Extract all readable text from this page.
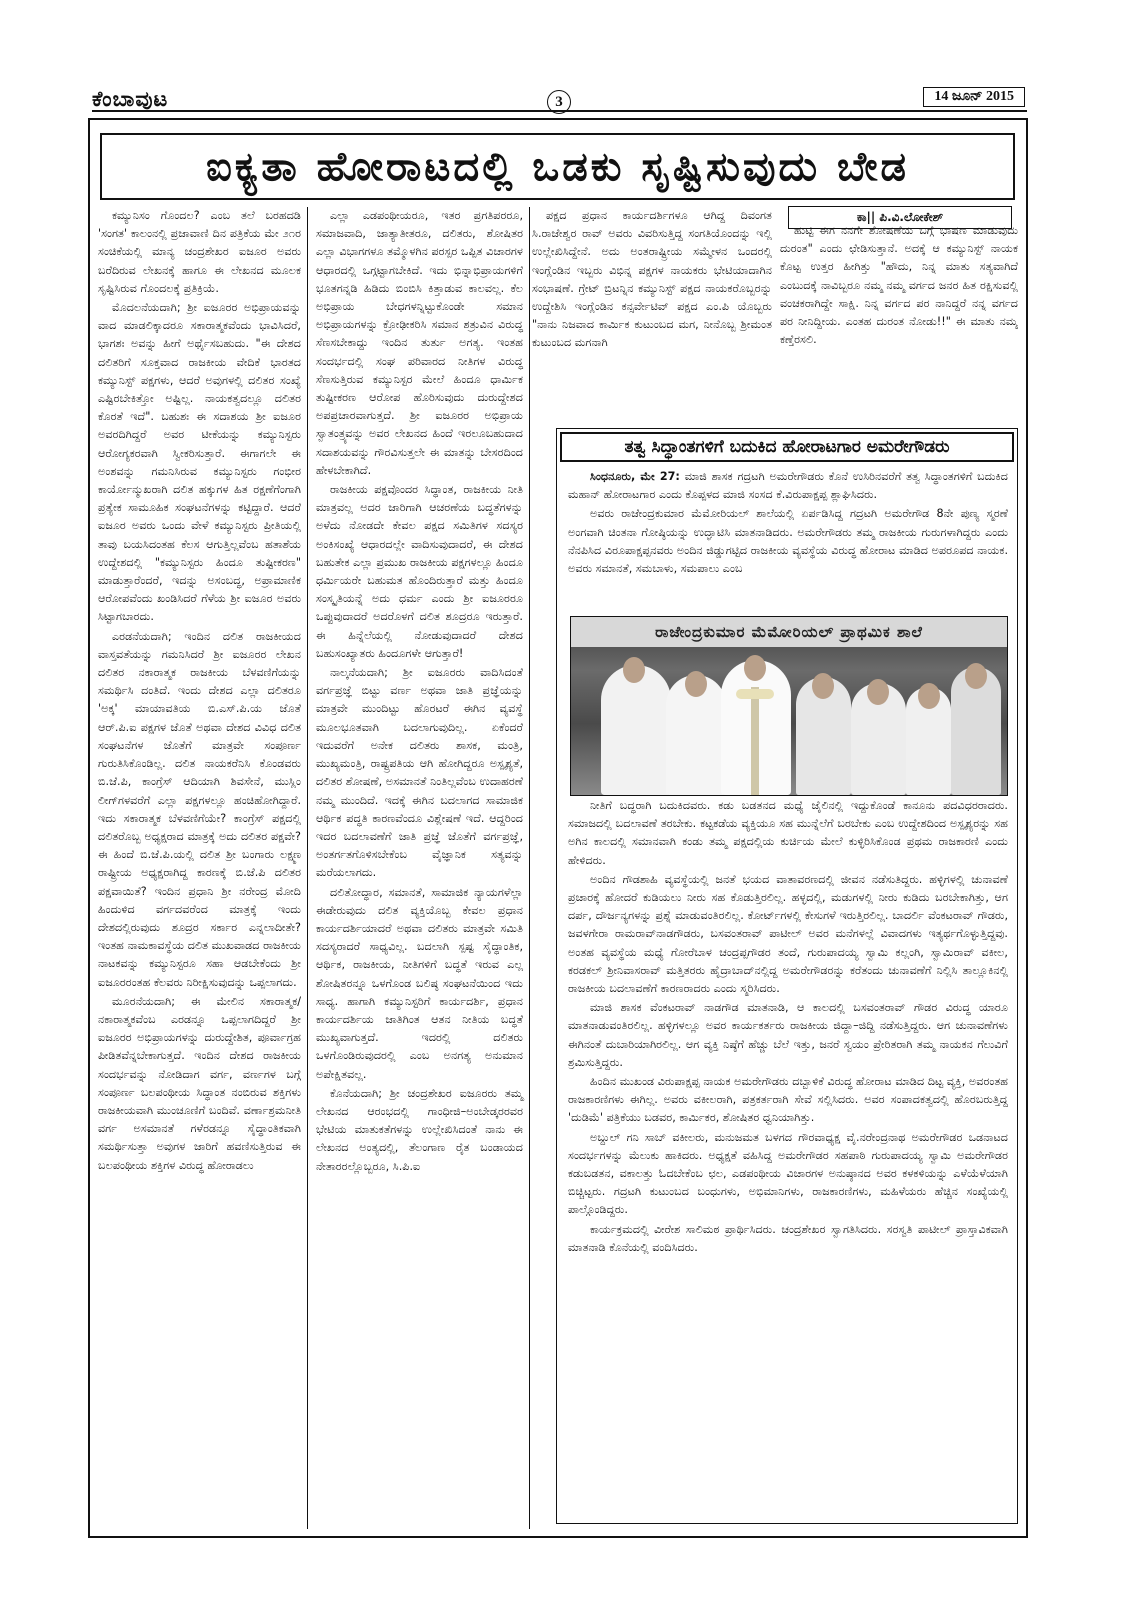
ಕೆಂಬಾವುಟ	3	14 ಜೂನ್ 2015
ಐಕ್ಯತಾ ಹೋರಾಟದಲ್ಲಿ ಒಡಕು ಸೃಷ್ಟಿಸುವುದು ಬೇಡ

ಕಮ್ಯುನಿಸಂ ಗೊಂದಲ? ಎಂಬ ತಲೆ ಬರಹದಡಿ 'ಸಂಗತ' ಕಾಲಂನಲ್ಲಿ ಪ್ರಜಾವಾಣಿ ದಿನ ಪತ್ರಿಕೆಯ ಮೇ ೨೧ರ ಸಂಚಿಕೆಯಲ್ಲಿ ಮಾನ್ಯ ಚಂದ್ರಶೇಖರ ಐಜೂರ ಅವರು ಬರೆದಿರುವ ಲೇಖನಕ್ಕೆ ಹಾಗೂ ಈ ಲೇಖನದ ಮೂಲಕ ಸೃಷ್ಟಿಸಿರುವ ಗೊಂದಲಕ್ಕೆ ಪ್ರತಿಕ್ರಿಯೆ.

ಮೊದಲನೆಯದಾಗಿ; ಶ್ರೀ ಐಜೂರರ ಅಭಿಪ್ರಾಯವನ್ನು ವಾದ ಮಾಡಲಿಕ್ಕಾದರೂ ಸಕಾರಾತ್ಮಕವೆಂದು ಭಾವಿಸಿದರೆ, ಭಾಗಶಃ ಅವನ್ನು ಹೀಗೆ ಅರ್ಥೈಸಬಹುದು. "ಈ ದೇಶದ ದಲಿತರಿಗೆ ಸೂಕ್ತವಾದ ರಾಜಕೀಯ ವೇದಿಕೆ ಭಾರತದ ಕಮ್ಯುನಿಸ್ಟ್ ಪಕ್ಷಗಳು, ಆದರೆ ಅವುಗಳಲ್ಲಿ ದಲಿತರ ಸಂಖ್ಯೆ ಎಷ್ಟಿರಬೇಕಿತ್ತೋ ಅಷ್ಟಿಲ್ಲ. ನಾಯಕತ್ವದಲ್ಲೂ ದಲಿತರ ಕೊರತೆ ಇದೆ". ಬಹುಶಃ ಈ ಸದಾಶಯ ಶ್ರೀ ಐಜೂರ ಅವರದಿಗಿದ್ದರೆ ಅವರ ಟೀಕೆಯನ್ನು ಕಮ್ಯುನಿಸ್ಟರು ಆರೋಗ್ಯಕರವಾಗಿ ಸ್ವೀಕರಿಸುತ್ತಾರೆ. ಈಗಾಗಲೇ ಈ ಅಂಶವನ್ನು ಗಮನಿಸಿರುವ ಕಮ್ಯುನಿಸ್ಟರು ಗಂಭೀರ ಕಾರ್ಯೋನ್ಮುಖರಾಗಿ ದಲಿತ ಹಕ್ಕುಗಳ ಹಿತ ರಕ್ಷಣೆಗೆಂಗಾಗಿ ಪ್ರತ್ಯೇಕ ಸಾಮೂಹಿಕ ಸಂಘಟನೆಗಳನ್ನು ಕಟ್ಟಿದ್ದಾರೆ. ಆದರೆ ಐಜೂರ ಅವರು ಒಂದು ವೇಳೆ ಕಮ್ಯುನಿಸ್ಟರು ಪ್ರೀತಿಯಲ್ಲಿ ತಾವು ಬಯಸಿದಂತಹ ಕೆಲಸ ಆಗುತ್ತಿಲ್ಲವೆಂಬ ಹತಾಶೆಯ ಉದ್ದೇಶದಲ್ಲಿ "ಕಮ್ಯುನಿಸ್ಟರು ಹಿಂದೂ ತುಷ್ಟೀಕರಣ" ಮಾಡುತ್ತಾರೆಂದರೆ, ಇದನ್ನು ಅಸಂಬದ್ಧ, ಅಪ್ರಾಮಾಣಿಕ ಆರೋಪವೆಂದು ಖಂಡಿಸಿದರೆ ಗೆಳೆಯ ಶ್ರೀ ಐಜೂರ ಅವರು ಸಿಟ್ಟಾಗಬಾರದು.

ಎರಡನೆಯದಾಗಿ; ಇಂದಿನ ದಲಿತ ರಾಜಕೀಯದ ವಾಸ್ತವತೆಯನ್ನು ಗಮನಿಸಿದರೆ ಶ್ರೀ ಐಜೂರರ ಲೇಖನ ದಲಿತರ ನಕಾರಾತ್ಮಕ ರಾಜಕೀಯ ಬೆಳವಣಿಗೆಯನ್ನು ಸಮರ್ಥಿಸಿ ದಂತಿದೆ. ಇಂದು ದೇಶದ ಎಲ್ಲಾ ದಲಿತರೂ 'ಅಕ್ಕ' ಮಾಯಾವತಿಯ ಬಿ.ಎಸ್.ಪಿ.ಯ ಜೊತೆ ಆರ್.ಪಿ.ಐ ಪಕ್ಷಗಳ ಜೊತೆ ಅಥವಾ ದೇಶದ ವಿವಿಧ ದಲಿತ ಸಂಘಟನೆಗಳ ಜೊತೆಗೆ ಮಾತ್ರವೇ ಸಂಪೂರ್ಣ ಗುರುತಿಸಿಕೊಂಡಿಲ್ಲ. ದಲಿತ ನಾಯಕರೆನಿಸಿ ಕೊಂಡವರು ಬಿ.ಜೆ.ಪಿ, ಕಾಂಗ್ರೆಸ್ ಆದಿಯಾಗಿ ಶಿವಸೇನೆ, ಮುಸ್ಲಿಂ ಲೀಗ್‌ಗಳವರೆಗೆ ಎಲ್ಲಾ ಪಕ್ಷಗಳಲ್ಲೂ ಹಂಚಿಹೋಗಿದ್ದಾರೆ. ಇದು ಸಕಾರಾತ್ಮಕ ಬೆಳವಣಿಗೆಯೇ? ಕಾಂಗ್ರೆಸ್ ಪಕ್ಷದಲ್ಲಿ ದಲಿತರೊಬ್ಬ ಅಧ್ಯಕ್ಷರಾದ ಮಾತ್ರಕ್ಕೆ ಅದು ದಲಿತರ ಪಕ್ಷವೇ? ಈ ಹಿಂದೆ ಬಿ.ಜೆ.ಪಿ.ಯಲ್ಲಿ ದಲಿತ ಶ್ರೀ ಬಂಗಾರು ಲಕ್ಷ್ಮಣ ರಾಷ್ಟ್ರೀಯ ಅಧ್ಯಕ್ಷರಾಗಿದ್ದ ಕಾರಣಕ್ಕೆ ಬಿ.ಜೆ.ಪಿ ದಲಿತರ ಪಕ್ಷವಾಯಿತೆ? ಇಂದಿನ ಪ್ರಧಾನಿ ಶ್ರೀ ನರೇಂದ್ರ ಮೋದಿ ಹಿಂದುಳಿದ ವರ್ಗದವರೆಂದ ಮಾತ್ರಕ್ಕೆ ಇಂದು ದೇಶದಲ್ಲಿರುವುದು ಶೂದ್ರರ ಸರ್ಕಾರ ಎನ್ನಲಾದೀತೇ? ಇಂತಹ ನಾಮಕಾವಸ್ಥೆಯ ದಲಿತ ಮುಖವಾಡದ ರಾಜಕೀಯ ನಾಟಕವನ್ನು ಕಮ್ಯುನಿಸ್ಟರೂ ಸಹಾ ಆಡಬೇಕೆಂದು ಶ್ರೀ ಐಜೂರರಂತಹ ಕೆಲವರು ನಿರೀಕ್ಷಿಸುವುದನ್ನು ಒಪ್ಪಲಾಗದು.

ಮೂರನೆಯದಾಗಿ; ಈ ಮೇಲಿನ ಸಕಾರಾತ್ಮಕ/ನಕಾರಾತ್ಮಕವೆಂಬ ಎರಡನ್ನೂ ಒಪ್ಪಲಾಗದಿದ್ದರೆ ಶ್ರೀ ಐಜೂರರ ಅಭಿಪ್ರಾಯಗಳನ್ನು ದುರುದ್ದೇಶಿತ, ಪೂರ್ವಾಗ್ರಹ ಪೀಡಿತವೆನ್ನಬೇಕಾಗುತ್ತದೆ. ಇಂದಿನ ದೇಶದ ರಾಜಕೀಯ ಸಂದರ್ಭವನ್ನು ನೋಡಿದಾಗ ವರ್ಗ, ವರ್ಣಗಳ ಬಗ್ಗೆ ಸಂಪೂರ್ಣ ಬಲಪಂಥೀಯ ಸಿದ್ಧಾಂತ ನಂಬಿರುವ ಶಕ್ತಿಗಳು ರಾಜಕೀಯವಾಗಿ ಮುಂಚೂಣಿಗೆ ಬಂದಿವೆ. ವರ್ಣಾಶ್ರಮನೀತಿ ವರ್ಗ ಅಸಮಾನತೆ ಗಳೆರಡನ್ನೂ ಸೈದ್ಧಾಂತಿಕವಾಗಿ ಸಮರ್ಥಿಸುತ್ತಾ ಅವುಗಳ ಜಾರಿಗೆ ಹವಣಿಸುತ್ತಿರುವ ಈ ಬಲಪಂಥೀಯ ಶಕ್ತಿಗಳ ವಿರುದ್ಧ ಹೋರಾಡಲು

ಎಲ್ಲಾ ಎಡಪಂಥೀಯರೂ, ಇತರ ಪ್ರಗತಿಪರರೂ, ಸಮಾಜವಾದಿ, ಜಾತ್ಯಾತೀತರೂ, ದಲಿತರು, ಶೋಷಿತರ ಎಲ್ಲಾ ವಿಭಾಗಗಳೂ ತಮ್ಮೊಳಗಿನ ಪರಸ್ಪರ ಒಪ್ಪಿತ ವಿಚಾರಗಳ ಆಧಾರದಲ್ಲಿ ಒಗ್ಗಟ್ಟಾಗಬೇಕಿದೆ. ಇದು ಭಿನ್ನಾಭಿಪ್ರಾಯಗಳಿಗೆ ಭೂತಗನ್ನಡಿ ಹಿಡಿದು ಬಿಂಬಿಸಿ ಕಿತ್ತಾಡುವ ಕಾಲವಲ್ಲ. ಕೆಲ ಅಭಿಪ್ರಾಯ ಬೇಧಗಳನ್ನಿಟ್ಟುಕೊಂಡೇ ಸಮಾನ ಅಭಿಪ್ರಾಯಗಳನ್ನು ಕ್ರೋಢೀಕರಿಸಿ ಸಮಾನ ಶತ್ರುವಿನ ವಿರುದ್ಧ ಸೆಣಸಬೇಕಾದ್ದು ಇಂದಿನ ತುರ್ತು ಅಗತ್ಯ. ಇಂತಹ ಸಂದರ್ಭದಲ್ಲಿ ಸಂಘ ಪರಿವಾರದ ನೀತಿಗಳ ವಿರುದ್ಧ ಸೆಣಸುತ್ತಿರುವ ಕಮ್ಯುನಿಸ್ಟರ ಮೇಲೆ ಹಿಂದೂ ಧಾರ್ಮಿಕ ತುಷ್ಟೀಕರಣ ಆರೋಪ ಹೊರಿಸುವುದು ದುರುದ್ದೇಶದ ಅಪಪ್ರಚಾರವಾಗುತ್ತದೆ. ಶ್ರೀ ಐಜೂರರ ಅಭಿಪ್ರಾಯ ಸ್ವಾತಂತ್ರ್ಯವನ್ನು ಅವರ ಲೇಖನದ ಹಿಂದೆ ಇರಲೂಬಹುದಾದ ಸದಾಶಯವನ್ನು ಗೌರವಿಸುತ್ತಲೇ ಈ ಮಾತನ್ನು ಬೇಸರದಿಂದ ಹೇಳಬೇಕಾಗಿದೆ.

ರಾಜಕೀಯ ಪಕ್ಷವೊಂದರ ಸಿದ್ಧಾಂತ, ರಾಜಕೀಯ ನೀತಿ ಮಾತ್ರವಲ್ಲ ಅದರ ಜಾರಿಗಾಗಿ ಆಚರಣೆಯ ಬದ್ಧತೆಗಳನ್ನು ಅಳೆದು ನೋಡದೇ ಕೇವಲ ಪಕ್ಷದ ಸಮಿತಿಗಳ ಸದಸ್ಯರ ಅಂಕಿಸಂಖ್ಯೆ ಆಧಾರದಲ್ಲೇ ವಾದಿಸುವುದಾದರೆ, ಈ ದೇಶದ ಬಹುತೇಕ ಎಲ್ಲಾ ಪ್ರಮುಖ ರಾಜಕೀಯ ಪಕ್ಷಗಳಲ್ಲೂ ಹಿಂದೂ ಧರ್ಮಿಯರೇ ಬಹುಮತ ಹೊಂದಿರುತ್ತಾರೆ ಮತ್ತು ಹಿಂದೂ ಸಂಸ್ಕೃತಿಯನ್ನೆ ಅದು ಧರ್ಮ ಎಂದು ಶ್ರೀ ಐಜೂರರೂ ಒಪ್ಪುವುದಾದರೆ ಅದರೊಳಗೆ ದಲಿತ ಶೂದ್ರರೂ ಇರುತ್ತಾರೆ. ಈ ಹಿನ್ನೆಲೆಯಲ್ಲಿ ನೋಡುವುದಾದರೆ ದೇಶದ ಬಹುಸಂಖ್ಯಾತರು ಹಿಂದೂಗಳೇ ಆಗುತ್ತಾರೆ!

ನಾಲ್ಕನೆಯದಾಗಿ; ಶ್ರೀ ಐಜೂರರು ವಾದಿಸಿದಂತೆ ವರ್ಗಪ್ರಜ್ಞೆ ಬಿಟ್ಟು ವರ್ಣ ಅಥವಾ ಜಾತಿ ಪ್ರಜ್ಞೆಯನ್ನು ಮಾತ್ರವೇ ಮುಂದಿಟ್ಟು ಹೊರಟರೆ ಈಗಿನ ವ್ಯವಸ್ಥೆ ಮೂಲಭೂತವಾಗಿ ಬದಲಾಗುವುದಿಲ್ಲ. ಏಕೆಂದರೆ ಇದುವರೆಗೆ ಅನೇಕ ದಲಿತರು ಶಾಸಕ, ಮಂತ್ರಿ, ಮುಖ್ಯಮಂತ್ರಿ, ರಾಷ್ಟ್ರಪತಿಯ ಆಗಿ ಹೋಗಿದ್ದರೂ ಅಸ್ಪೃಶ್ಯತೆ, ದಲಿತರ ಶೋಷಣೆ, ಅಸಮಾನತೆ ನಿಂತಿಲ್ಲವೆಂಬ ಉದಾಹರಣೆ ನಮ್ಮ ಮುಂದಿದೆ. ಇದಕ್ಕೆ ಈಗಿನ ಬದಲಾಗದ ಸಾಮಾಜಿಕ ಆರ್ಥಿಕ ಪದ್ಧತಿ ಕಾರಣವೆಂದೂ ವಿಶ್ಲೇಷಣೆ ಇದೆ. ಆದ್ದರಿಂದ ಇದರ ಬದಲಾವಣೆಗೆ ಜಾತಿ ಪ್ರಜ್ಞೆ ಜೊತೆಗೆ ವರ್ಗಪ್ರಜ್ಞೆ, ಅಂತರ್ಗತಗೊಳಿಸಬೇಕೆಂಬ ವೈಜ್ಞಾನಿಕ ಸತ್ಯವನ್ನು ಮರೆಯಲಾಗದು.

ದಲಿತೋದ್ಧಾರ, ಸಮಾನತೆ, ಸಾಮಾಜಿಕ ನ್ಯಾಯಗಳೆಲ್ಲಾ ಈಡೇರುವುದು ದಲಿತ ವ್ಯಕ್ತಿಯೊಬ್ಬ ಕೇವಲ ಪ್ರಧಾನ ಕಾರ್ಯದರ್ಶಿಯಾದರೆ ಅಥವಾ ದಲಿತರು ಮಾತ್ರವೇ ಸಮಿತಿ ಸದಸ್ಯರಾದರೆ ಸಾಧ್ಯವಿಲ್ಲ. ಬದಲಾಗಿ ಸ್ಪಷ್ಟ ಸೈದ್ಧಾಂತಿಕ, ಆರ್ಥಿಕ, ರಾಜಕೀಯ, ನೀತಿಗಳಿಗೆ ಬದ್ಧತೆ ಇರುವ ಎಲ್ಲ ಶೋಷಿತರನ್ನೂ ಒಳಗೊಂಡ ಬಲಿಷ್ಠ ಸಂಘಟನೆಯಿಂದ ಇದು ಸಾಧ್ಯ. ಹಾಗಾಗಿ ಕಮ್ಯುನಿಸ್ಟರಿಗೆ ಕಾರ್ಯದರ್ಶಿ, ಪ್ರಧಾನ ಕಾರ್ಯದರ್ಶಿಯ ಜಾತಿಗಿಂತ ಆತನ ನೀತಿಯ ಬದ್ಧತೆ ಮುಖ್ಯವಾಗುತ್ತದೆ. ಇದರಲ್ಲಿ ದಲಿತರು ಒಳಗೊಂಡಿರುವುದರಲ್ಲಿ ಎಂಬ ಅನಗತ್ಯ ಅನುಮಾನ ಅಪೇಕ್ಷಿತವಲ್ಲ.

ಕೊನೆಯದಾಗಿ; ಶ್ರೀ ಚಂದ್ರಶೇಖರ ಐಜೂರರು ತಮ್ಮ ಲೇಖನದ ಆರಂಭದಲ್ಲಿ ಗಾಂಧೀಜಿ–ಅಂಬೇಡ್ಕರರವರ ಭೇಟಿಯ ಮಾತುಕತೆಗಳನ್ನು ಉಲ್ಲೇಖಿಸಿದಂತೆ ನಾನು ಈ ಲೇಖನದ ಅಂತ್ಯದಲ್ಲಿ, ತೆಲಂಗಾಣ ರೈತ ಬಂಡಾಯದ ನೇತಾರರಲ್ಲೊಬ್ಬರೂ, ಸಿ.ಪಿ.ಐ

ಪಕ್ಷದ ಪ್ರಧಾನ ಕಾರ್ಯದರ್ಶಿಗಳೂ ಆಗಿದ್ದ ದಿವಂಗತ ಸಿ.ರಾಜೇಶ್ವರ ರಾವ್ ಅವರು ವಿವರಿಸುತ್ತಿದ್ದ ಸಂಗತಿಯೊಂದನ್ನು ಇಲ್ಲಿ ಉಲ್ಲೇಖಿಸಿದ್ದೇನೆ. ಅದು ಅಂತರಾಷ್ಟ್ರೀಯ ಸಮ್ಮೇಳನ ಒಂದರಲ್ಲಿ ಇಂಗ್ಲೆಂಡಿನ ಇಬ್ಬರು ವಿಭಿನ್ನ ಪಕ್ಷಗಳ ನಾಯಕರು ಭೇಟಿಯಾದಾಗಿನ ಸಂಭಾಷಣೆ. ಗ್ರೇಟ್ ಬ್ರಿಟನ್ನಿನ ಕಮ್ಯುನಿಸ್ಟ್ ಪಕ್ಷದ ನಾಯಕರೊಬ್ಬರನ್ನು ಉದ್ದೇಶಿಸಿ ಇಂಗ್ಲೆಂಡಿನ ಕನ್ಸರ್ವೇಟಿವ್ ಪಕ್ಷದ ಎಂ.ಪಿ ಯೊಬ್ಬರು "ನಾನು ನಿಜವಾದ ಕಾರ್ಮಿಕ ಕುಟುಂಬದ ಮಗ, ನೀನೊಬ್ಬ ಶ್ರೀಮಂತ ಕುಟುಂಬದ ಮಗನಾಗಿ

ಕಾ|| ಪಿ.ವಿ.ಲೋಕೇಶ್

ಹುಟ್ಟಿ ಈಗ ನನಗೇ ಶೋಷಣೆಯ ಬಗ್ಗೆ ಭಾಷಣ ಮಾಡುವುದು ದುರಂತ" ಎಂದು ಛೇಡಿಸುತ್ತಾನೆ. ಅದಕ್ಕೆ ಆ ಕಮ್ಯುನಿಸ್ಟ್ ನಾಯಕ ಕೊಟ್ಟ ಉತ್ತರ ಹೀಗಿತ್ತು "ಹೌದು, ನಿನ್ನ ಮಾತು ಸತ್ಯವಾಗಿದೆ ಎಂಬುದಕ್ಕೆ ನಾವಿಬ್ಬರೂ ನಮ್ಮ ನಮ್ಮ ವರ್ಗದ ಜನರ ಹಿತ ರಕ್ಷಿಸುವಲ್ಲಿ ವಂಚಕರಾಗಿದ್ದೇ ಸಾಕ್ಷಿ. ನಿನ್ನ ವರ್ಗದ ಪರ ನಾನಿದ್ದರೆ ನನ್ನ ವರ್ಗದ ಪರ ನೀನಿದ್ದೀಯ. ಎಂತಹ ದುರಂತ ನೋಡು!!" ಈ ಮಾತು ನಮ್ಮ ಕಣ್ತೆರಸಲಿ.

ತತ್ವ ಸಿದ್ಧಾಂತಗಳಿಗೆ ಬದುಕಿದ ಹೋರಾಟಗಾರ ಅಮರೇಗೌಡರು

ಸಿಂಧನೂರು, ಮೇ 27: ಮಾಜಿ ಶಾಸಕ ಗದ್ರಟಗಿ ಅಮರೇಗೌಡರು ಕೊನೆ ಉಸಿರಿನವರೆಗೆ ತತ್ವ ಸಿದ್ಧಾಂತಗಳಿಗೆ ಬದುಕಿದ ಮಹಾನ್ ಹೋರಾಟಗಾರ ಎಂದು ಕೊಪ್ಪಳದ ಮಾಜಿ ಸಂಸದ ಕೆ.ವಿರುಪಾಕ್ಷಪ್ಪ ಶ್ಲಾಘಿಸಿದರು.

ಅವರು ರಾಜೇಂದ್ರಕುಮಾರ ಮೆಮೋರಿಯಲ್ ಶಾಲೆಯಲ್ಲಿ ಏರ್ಪಡಿಸಿದ್ದ ಗದ್ರಟಗಿ ಅಮರೇಗೌಡ 8ನೇ ಪುಣ್ಯ ಸ್ಮರಣೆ ಅಂಗವಾಗಿ ಚಿಂತನಾ ಗೋಷ್ಠಿಯನ್ನು ಉದ್ಘಾಟಿಸಿ ಮಾತನಾಡಿದರು. ಅಮರೇಗೌಡರು ತಮ್ಮ ರಾಜಕೀಯ ಗುರುಗಳಾಗಿದ್ದರು ಎಂದು ನೆನಪಿಸಿದ ವಿರೂಪಾಕ್ಷಪ್ಪನವರು ಅಂದಿನ ಜಿಡ್ಡುಗಟ್ಟಿದ ರಾಜಕೀಯ ವ್ಯವಸ್ಥೆಯ ವಿರುದ್ಧ ಹೋರಾಟ ಮಾಡಿದ ಅಪರೂಪದ ನಾಯಕ. ಅವರು ಸಮಾನತೆ, ಸಮಬಾಳು, ಸಮಪಾಲು ಎಂಬ

ರಾಜೇಂದ್ರಕುಮಾರ ಮೆಮೋರಿಯಲ್ ಪ್ರಾಥಮಿಕ ಶಾಲೆ

ನೀತಿಗೆ ಬದ್ಧರಾಗಿ ಬದುಕಿದವರು. ಕಡು ಬಡತನದ ಮಧ್ಯೆ ಜೈಲಿನಲ್ಲಿ ಇದ್ದುಕೊಂಡೆ ಕಾನೂನು ಪದವಿಧರರಾದರು. ಸಮಾಜದಲ್ಲಿ ಬದಲಾವಣೆ ತರಬೇಕು. ಕಟ್ಟಕಡೆಯ ವ್ಯಕ್ತಿಯೂ ಸಹ ಮುನ್ನೆಲೆಗೆ ಬರಬೇಕು ಎಂಬ ಉದ್ದೇಶದಿಂದ ಅಸ್ಪೃಶ್ಯರನ್ನು ಸಹ ಅಗಿನ ಕಾಲದಲ್ಲಿ ಸಮಾನವಾಗಿ ಕಂಡು ತಮ್ಮ ಪಕ್ಷದಲ್ಲಿಯ ಕುರ್ಚಿಯ ಮೇಲೆ ಕುಳ್ಳಿರಿಸಿಕೊಂಡ ಪ್ರಥಮ ರಾಜಕಾರಣಿ ಎಂದು ಹೇಳಿದರು.

ಅಂದಿನ ಗೌಡಶಾಹಿ ವ್ಯವಸ್ಥೆಯಲ್ಲಿ ಜನತೆ ಭಯದ ವಾತಾವರಣದಲ್ಲಿ ಜೀವನ ನಡೆಸುತಿದ್ದರು. ಹಳ್ಳಿಗಳಲ್ಲಿ ಚುನಾವಣೆ ಪ್ರಚಾರಕ್ಕೆ ಹೋದರೆ ಕುಡಿಯಲು ನೀರು ಸಹ ಕೊಡುತ್ತಿರಲಿಲ್ಲ. ಹಳ್ಳದಲ್ಲಿ, ಮಡುಗಳಲ್ಲಿ ನೀರು ಕುಡಿದು ಬರಬೇಕಾಗಿತ್ತು, ಆಗ ದರ್ಪ, ದೌರ್ಜನ್ಯಗಳನ್ನು ಪ್ರಶ್ನೆ ಮಾಡುವಂತಿರಲಿಲ್ಲ. ಕೋರ್ಟ್‌ಗಳಲ್ಲಿ ಕೇಸುಗಳೆ ಇರುತ್ತಿರಲಿಲ್ಲ. ಬಾದರ್ಲಿ ವೆಂಕಟರಾವ್ ಗೌಡರು, ಜವಳಗೇರಾ ರಾಮರಾವ್‌ನಾಡಗೌಡರು, ಬಸವಂತರಾವ್ ಪಾಟೀಲ್ ಅವರ ಮನೆಗಳಲ್ಲೆ ವಿವಾದಗಳು ಇತ್ಯರ್ಥಗೊಳ್ಳುತ್ತಿದ್ದವು. ಅಂತಹ ವ್ಯವಸ್ಥೆಯ ಮಧ್ಯೆ ಗೋರೆಬಾಳ ಚಂದ್ರಪ್ಪಗೌಡರ ತಂದೆ, ಗುರುಪಾದಯ್ಯ ಸ್ವಾಮಿ ಕಲ್ಲಂಗಿ, ಸ್ವಾಮಿರಾವ್ ವಕೀಲ, ಕರಡಕಲ್ ಶ್ರೀನಿವಾಸರಾವ್ ಮತ್ತಿತರರು ಹೈದ್ರಾಬಾದ್‌ನಲ್ಲಿದ್ದ ಅಮರೇಗೌಡರನ್ನು ಕರೆತಂದು ಚುನಾವಣೆಗೆ ನಿಲ್ಲಿಸಿ ತಾಲ್ಲೂಕಿನಲ್ಲಿ ರಾಜಕೀಯ ಬದಲಾವಣೆಗೆ ಕಾರಣರಾದರು ಎಂದು ಸ್ಮರಿಸಿದರು.

ಮಾಜಿ ಶಾಸಕ ವೆಂಕಟರಾವ್ ನಾಡಗೌಡ ಮಾತನಾಡಿ, ಆ ಕಾಲದಲ್ಲಿ ಬಸವಂತರಾವ್ ಗೌಡರ ವಿರುದ್ಧ ಯಾರೂ ಮಾತನಾಡುವಂತಿರಲಿಲ್ಲ. ಹಳ್ಳಿಗಳಲ್ಲೂ ಅವರ ಕಾರ್ಯಕರ್ತರು ರಾಜಕೀಯ ಜಿದ್ದಾ–ಜಿದ್ದಿ ನಡೆಸುತ್ತಿದ್ದರು. ಆಗ ಚುನಾವಣೆಗಳು ಈಗಿನಂತೆ ದುಬಾರಿಯಾಗಿರಲಿಲ್ಲ. ಆಗ ವ್ಯಕ್ತಿ ನಿಷ್ಠೆಗೆ ಹೆಚ್ಚು ಬೆಲೆ ಇತ್ತು, ಜನರೆ ಸ್ವಯಂ ಪ್ರೇರಿತರಾಗಿ ತಮ್ಮ ನಾಯಕನ ಗೆಲುವಿಗೆ ಶ್ರಮಿಸುತ್ತಿದ್ದರು.

ಹಿಂದಿನ ಮುಖಂಡ ವಿರುಪಾಕ್ಷಪ್ಪ ನಾಯಕ ಅಮರೇಗೌಡರು ದಬ್ಬಾಳಿಕೆ ವಿರುದ್ಧ ಹೋರಾಟ ಮಾಡಿದ ದಿಟ್ಟ ವ್ಯಕ್ತಿ, ಅವರಂತಹ ರಾಜಕಾರಣಿಗಳು ಈಗಿಲ್ಲ. ಅವರು ವಕೀಲರಾಗಿ, ಪತ್ರಕರ್ತರಾಗಿ ಸೇವೆ ಸಲ್ಲಿಸಿದರು. ಅವರ ಸಂಪಾದಕತ್ವದಲ್ಲಿ ಹೊರಬರುತ್ತಿದ್ದ 'ದುಡಿಮೆ' ಪತ್ರಿಕೆಯು ಬಡವರ, ಕಾರ್ಮಿಕರ, ಶೋಷಿತರ ಧ್ವನಿಯಾಗಿತ್ತು.

ಅಬ್ದುಲ್ ಗನಿ ಸಾಬ್ ವಕೀಲರು, ಮನುಜಮತ ಬಳಗದ ಗೌರವಾಧ್ಯಕ್ಷ ವೈ.ನರೇಂದ್ರನಾಥ ಅಮರೇಗೌಡರ ಒಡನಾಟದ ಸಂದರ್ಭಗಳನ್ನು ಮೆಲುಕು ಹಾಕಿದರು. ಅಧ್ಯಕ್ಷತೆ ವಹಿಸಿದ್ದ ಅಮರೇಗೌಡರ ಸಹಪಾಠಿ ಗುರುಪಾದಯ್ಯ ಸ್ವಾಮಿ ಅಮರೇಗೌಡರ ಕಡುಬಡತನ, ವಕಾಲತ್ತು ಓದಬೇಕೆಂಬ ಛಲ, ಎಡಪಂಥೀಯ ವಿಚಾರಗಳ ಅನುಷ್ಠಾನದ ಅವರ ಕಳಕಳಿಯನ್ನು ಎಳೆಯೆಳೆಯಾಗಿ ಬಿಚ್ಚಿಟ್ಟರು. ಗದ್ರಟಗಿ ಕುಟುಂಬದ ಬಂಧುಗಳು, ಅಭಿಮಾನಿಗಳು, ರಾಜಕಾರಣಿಗಳು, ಮಹಿಳೆಯರು ಹೆಚ್ಚಿನ ಸಂಖ್ಯೆಯಲ್ಲಿ ಪಾಲ್ಗೊಂಡಿದ್ದರು.

ಕಾರ್ಯಕ್ರಮದಲ್ಲಿ ವೀರೇಶ ಸಾಲಿಮಠ ಪ್ರಾರ್ಥಿಸಿದರು. ಚಂದ್ರಶೇಖರ ಸ್ವಾಗತಿಸಿದರು. ಸರಸ್ವತಿ ಪಾಟೀಲ್ ಪ್ರಾಸ್ತಾವಿಕವಾಗಿ ಮಾತನಾಡಿ ಕೊನೆಯಲ್ಲಿ ವಂದಿಸಿದರು.
